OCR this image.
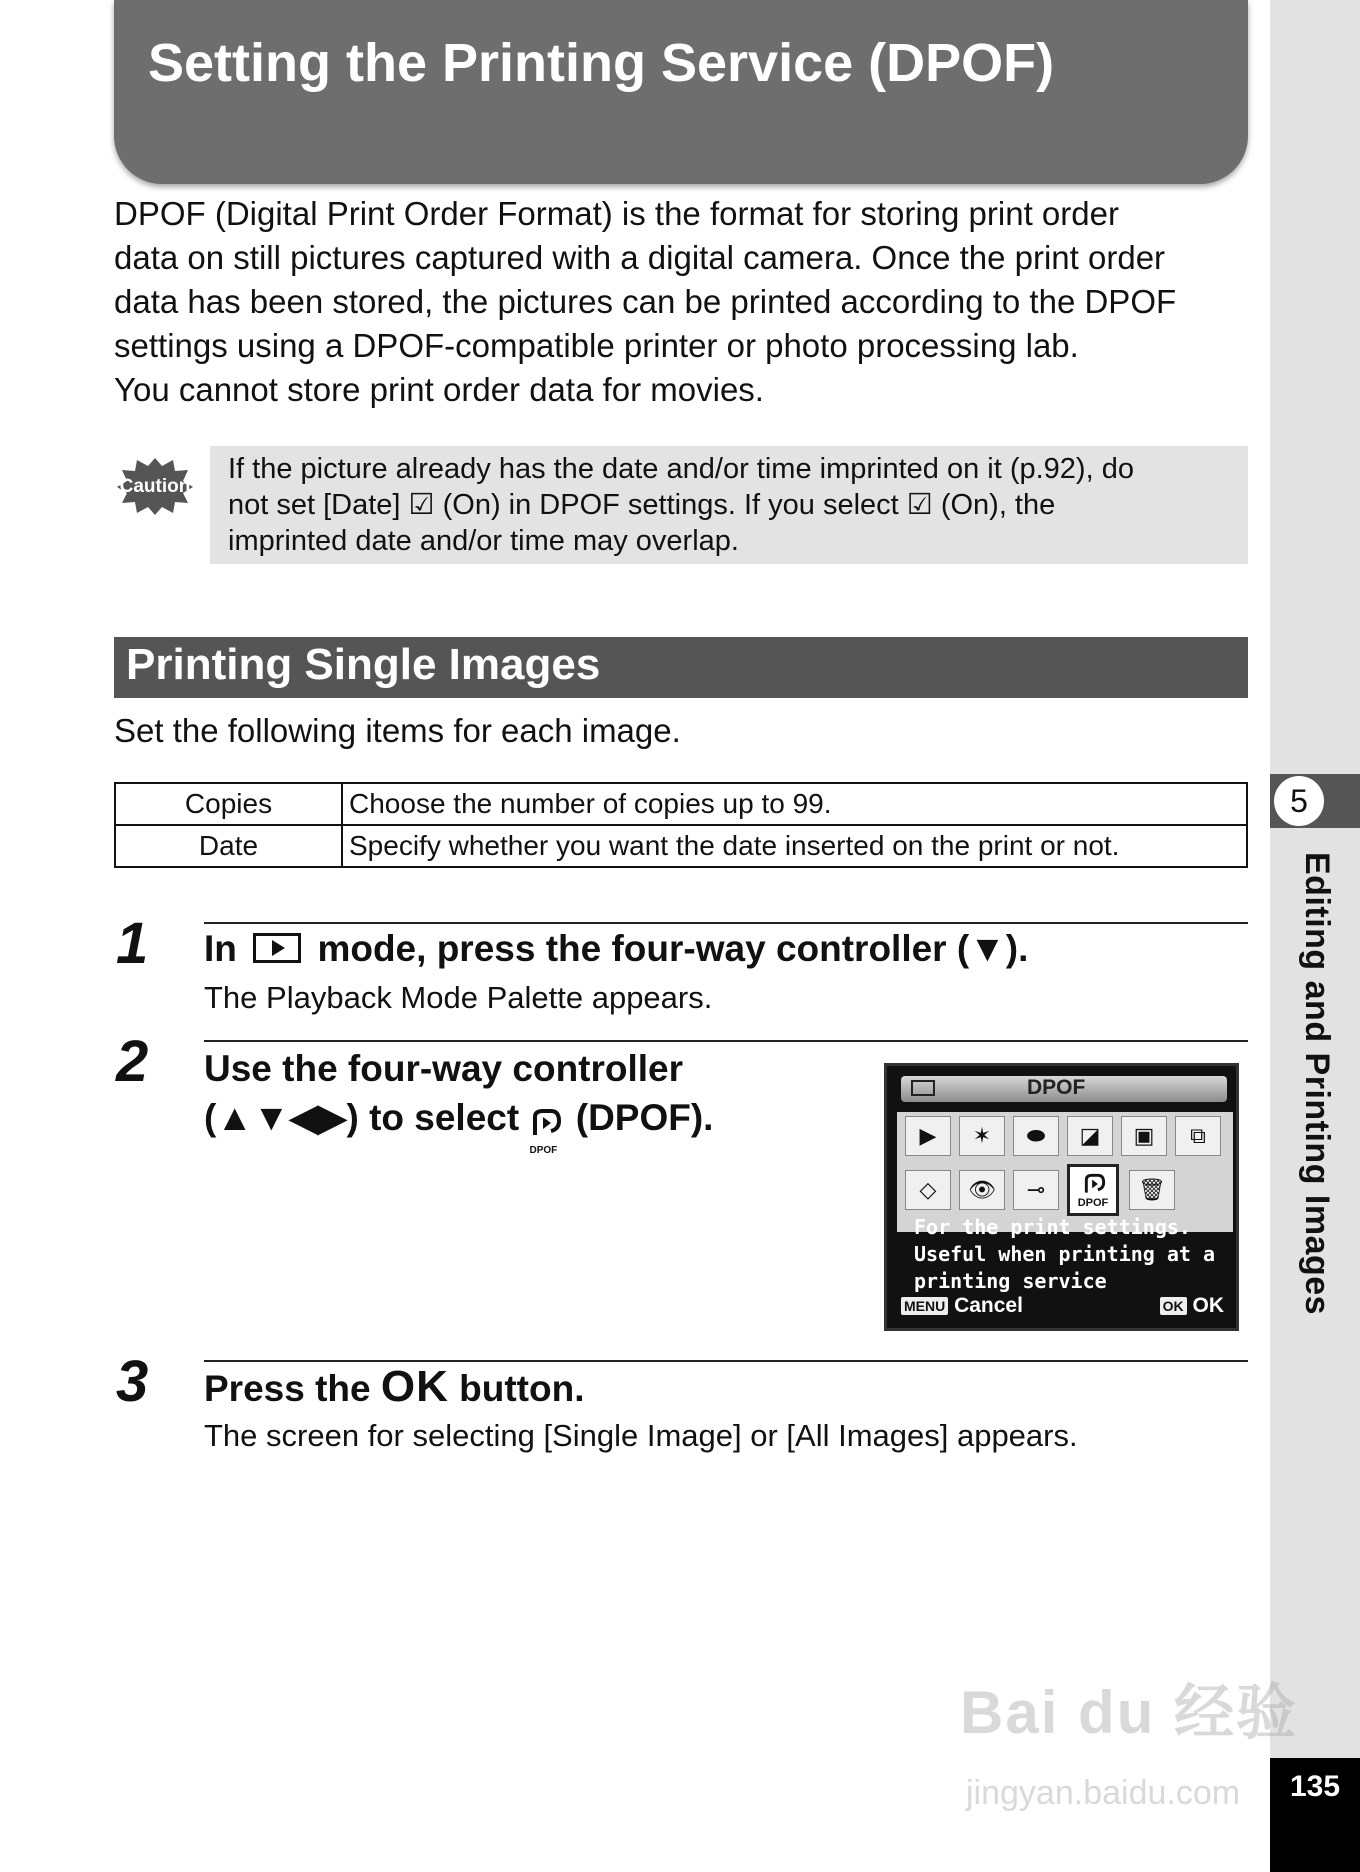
5
Editing and Printing Images
135
Setting the Printing Service (DPOF)

DPOF (Digital Print Order Format) is the format for storing print order

data on still pictures captured with a digital camera. Once the print order

data has been stored, the pictures can be printed according to the DPOF

settings using a DPOF-compatible printer or photo processing lab.

You cannot store print order data for movies.

Caution
If the picture already has the date and/or time imprinted on it (p.92), do
not set [Date] ☑ (On) in DPOF settings. If you select ☑ (On), the
imprinted date and/or time may overlap.
Printing Single Images
Set the following items for each image.
Copies	Choose the number of copies up to 99.
Date	Specify whether you want the date inserted on the print or not.
1 In  mode, press the four-way controller (▼).
The Playback Mode Palette appears.
2 Use the four-way controller
(▲▼◀▶) to select
DPOF
(DPOF).
DPOF
▶	✶	⬬	◪	▣	⧉
◇	👁	⊸
DPOF
🗑
For the print settings.
Useful when printing at a
printing service
MENU Cancel	OK OK
3 Press the OK button.
The screen for selecting [Single Image] or [All Images] appears.
Bai du 经验
jingyan.baidu.com
